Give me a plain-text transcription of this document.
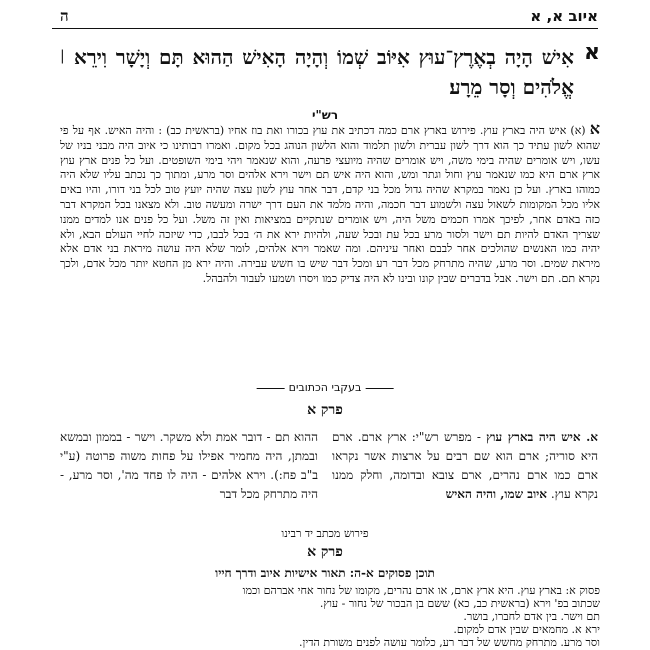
איוב א, א
ה
א
| אִישׁ הָיָה בְאֶרֶץ־עוּץ אִיּוֹב שְׁמוֹ וְהָיָה הָאִישׁ הַהוּא תָּם וְיָשָׁר וִירֵא אֱלֹהִים וְסָר מֵרָע׃
רש"י
א (א) איש היה בארץ עוץ. פירוש בארץ ארם כמה דכתיב את עוץ בכורו ואת בוז אחיו (בראשית כב) : והיה האיש. אף על פי שהוא לשון עתיד כך הוא דרך לשון עברית ולשון תלמוד והוא הלשון הנוהג בכל מקום. ואמרו רבותינו כי איוב היה מבני בניו של עשו, ויש אומרים שהיה בימי משה, ויש אומרים שהיה מיועצי פרעה, והוא שנאמר ויהי בימי השופטים. ועל כל פנים ארץ עוץ ארץ ארם היא כמו שנאמר עוץ וחול וגתר ומש, והוא היה איש תם וישר וירא אלהים וסר מרע, ומתוך כך נכתב עליו שלא היה כמוהו בארץ. ועל כן נאמר במקרא שהיה גדול מכל בני קדם, דבר אחר עוץ לשון עצה שהיה יועץ טוב לכל בני דורו, והיו באים אליו מכל המקומות לשאול עצה ולשמוע דבר חכמה, והיה מלמד את העם דרך ישרה ומעשה טוב. ולא מצאנו בכל המקרא דבר כזה באדם אחר, לפיכך אמרו חכמים משל היה, ויש אומרים שנתקיים במציאות ואין זה משל. ועל כל פנים אנו למדים ממנו שצריך האדם להיות תם וישר ולסור מרע בכל עת ובכל שעה, ולהיות ירא את ה׳ בכל לבבו, כדי שיזכה לחיי העולם הבא, ולא יהיה כמו האנשים שהולכים אחר לבבם ואחר עיניהם. ומה שאמר וירא אלהים, לומר שלא היה עושה מיראת בני אדם אלא מיראת שמים. וסר מרע, שהיה מתרחק מכל דבר רע ומכל דבר שיש בו חשש עבירה. והיה ירא מן החטא יותר מכל אדם, ולכך נקרא תם. תם וישר. אבל בדברים שבין קונו ובינו לא היה צדיק כמו ויסרו ושמעו לעבור ולהבהל.
בעקבי הכתובים
פרק א
א. איש היה בארץ עוץ - מפרש רש"י: ארץ ארם. ארם היא סוריה; ארם הוא שם רבים על ארצות אשר נקראו ארם כמו ארם נהרים, ארם צובא ובדומה, וחלק ממנו נקרא עוץ. איוב שמו, והיה האיש
ההוא תם - דובר אמת ולא משקר. וישר - בממון ובמשא ובמתן, היה מחמיר אפילו על פחות משוה פרוטה (ע"י ב"ב פח:). וירא אלהים - היה לו פחד מה', וסר מרע, - היה מתרחק מכל דבר
פירוש מכתב יד רבינו
פרק א
תוכן פסוקים א-ה: תאור אישיות איוב ודרך חייו
פסוק א: בארץ עוץ. היא ארץ ארם, או ארם נהרים, מקומו של נחור אחי אברהם וכמו
שכתוב בפ' וירא (בראשית כב, כא) ששם בן הבכור של נחור - עוץ.
תם וישר. בין אדם לחברו, בושר.
ירא א. מחמאים שבין אדם למקום.
וסר מרע. מתרחק מחשש של דבר רע, כלומר עושה לפנים משורת הדין.
